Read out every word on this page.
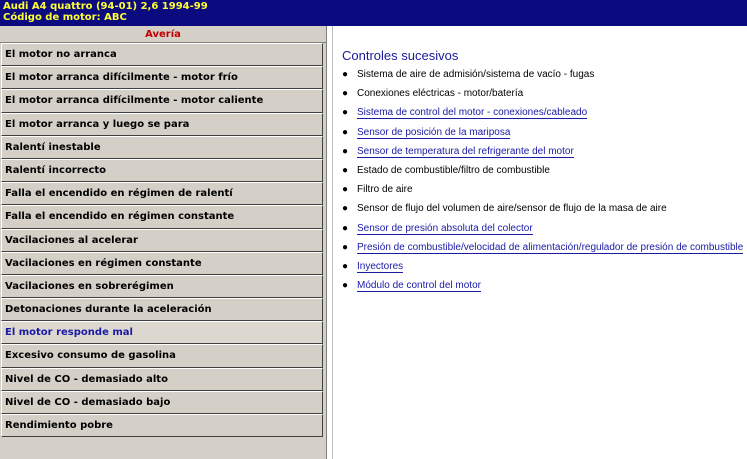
Audi A4 quattro (94-01) 2,6 1994-99
Código de motor: ABC
Avería
El motor no arranca
El motor arranca difícilmente - motor frío
El motor arranca difícilmente - motor caliente
El motor arranca y luego se para
Ralentí inestable
Ralentí incorrecto
Falla el encendido en régimen de ralentí
Falla el encendido en régimen constante
Vacilaciones al acelerar
Vacilaciones en régimen constante
Vacilaciones en sobrerégimen
Detonaciones durante la aceleración
El motor responde mal
Excesivo consumo de gasolina
Nivel de CO - demasiado alto
Nivel de CO - demasiado bajo
Rendimiento pobre
Controles sucesivos
● Sistema de aire de admisión/sistema de vacío - fugas
● Conexiones eléctricas - motor/batería
● Sistema de control del motor - conexiones/cableado
● Sensor de posición de la mariposa
● Sensor de temperatura del refrigerante del motor
● Estado de combustible/filtro de combustible
● Filtro de aire
● Sensor de flujo del volumen de aire/sensor de flujo de la masa de aire
● Sensor de presión absoluta del colector
● Presión de combustible/velocidad de alimentación/regulador de presión de combustible
● Inyectores
● Módulo de control del motor
